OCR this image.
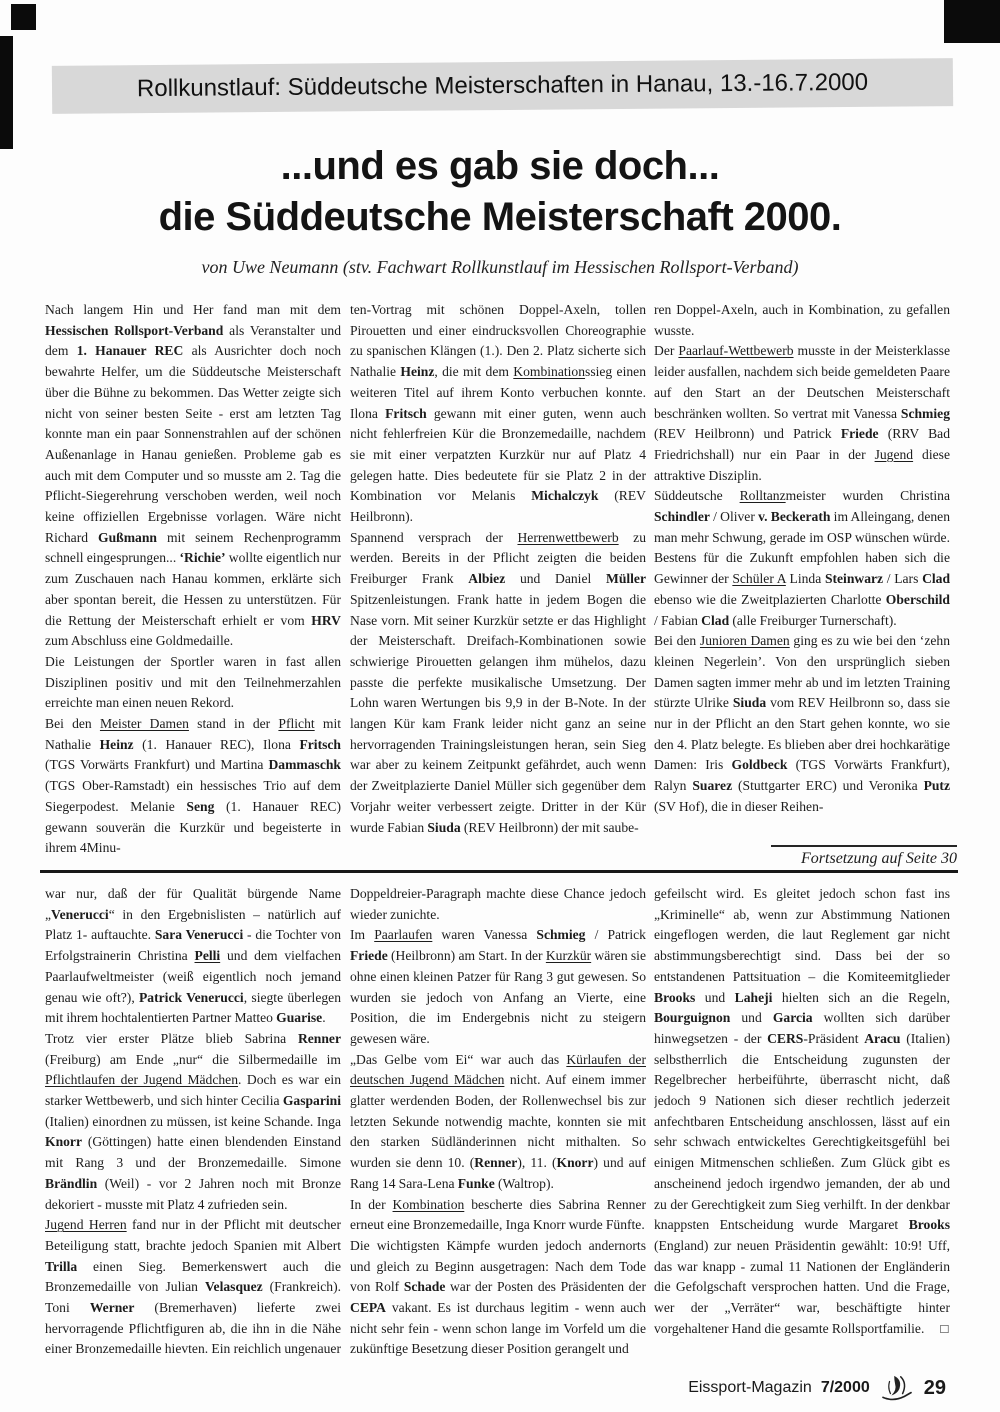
Rollkunstlauf: Süddeutsche Meisterschaften in Hanau, 13.-16.7.2000
...und es gab sie doch...
die Süddeutsche Meisterschaft 2000.
von Uwe Neumann (stv. Fachwart Rollkunstlauf im Hessischen Rollsport-Verband)

Nach langem Hin und Her fand man mit dem Hessischen Rollsport-Verband als Veranstalter und dem 1. Hanauer REC als Ausrichter doch noch bewahrte Helfer, um die Süddeutsche Meisterschaft über die Bühne zu bekommen. Das Wetter zeigte sich nicht von seiner besten Seite - erst am letzten Tag konnte man ein paar Sonnenstrahlen auf der schönen Außenanlage in Hanau genießen. Probleme gab es auch mit dem Computer und so musste am 2. Tag die Pflicht-Siegerehrung verschoben werden, weil noch keine offiziellen Ergebnisse vorlagen. Wäre nicht Richard Gußmann mit seinem Rechenprogramm schnell eingesprungen... ‘Richie’ wollte eigentlich nur zum Zuschauen nach Hanau kommen, erklärte sich aber spontan bereit, die Hessen zu unterstützen. Für die Rettung der Meisterschaft erhielt er vom HRV zum Abschluss eine Goldmedaille.

Die Leistungen der Sportler waren in fast allen Disziplinen positiv und mit den Teilnehmerzahlen erreichte man einen neuen Rekord.

Bei den Meister Damen stand in der Pflicht mit Nathalie Heinz (1. Hanauer REC), Ilona Fritsch (TGS Vorwärts Frankfurt) und Martina Dammaschk (TGS Ober-Ramstadt) ein hessisches Trio auf dem Siegerpodest. Melanie Seng (1. Hanauer REC) gewann souverän die Kurzkür und begeisterte in ihrem 4Minu-

ten-Vortrag mit schönen Doppel-Axeln, tollen Pirouetten und einer eindrucksvollen Choreographie zu spanischen Klängen (1.). Den 2. Platz sicherte sich Nathalie Heinz, die mit dem Kombinationssieg einen weiteren Titel auf ihrem Konto verbuchen konnte. Ilona Fritsch gewann mit einer guten, wenn auch nicht fehlerfreien Kür die Bronzemedaille, nachdem sie mit einer verpatzten Kurzkür nur auf Platz 4 gelegen hatte. Dies bedeutete für sie Platz 2 in der Kombination vor Melanis Michalczyk (REV Heilbronn).

Spannend versprach der Herrenwettbewerb zu werden. Bereits in der Pflicht zeigten die beiden Freiburger Frank Albiez und Daniel Müller Spitzenleistungen. Frank hatte in jedem Bogen die Nase vorn. Mit seiner Kurzkür setzte er das Highlight der Meisterschaft. Dreifach-Kombinationen sowie schwierige Pirouetten gelangen ihm mühelos, dazu passte die perfekte musikalische Umsetzung. Der Lohn waren Wertungen bis 9,9 in der B-Note. In der langen Kür kam Frank leider nicht ganz an seine hervorragenden Trainingsleistungen heran, sein Sieg war aber zu keinem Zeitpunkt gefährdet, auch wenn der Zweitplazierte Daniel Müller sich gegenüber dem Vorjahr weiter verbessert zeigte. Dritter in der Kür wurde Fabian Siuda (REV Heilbronn) der mit saube-

ren Doppel-Axeln, auch in Kombination, zu gefallen wusste.

Der Paarlauf-Wettbewerb musste in der Meisterklasse leider ausfallen, nachdem sich beide gemeldeten Paare auf den Start an der Deutschen Meisterschaft beschränken wollten. So vertrat mit Vanessa Schmieg (REV Heilbronn) und Patrick Friede (RRV Bad Friedrichshall) nur ein Paar in der Jugend diese attraktive Disziplin.

Süddeutsche Rolltanzmeister wurden Christina Schindler / Oliver v. Beckerath im Alleingang, denen man mehr Schwung, gerade im OSP wünschen würde. Bestens für die Zukunft empfohlen haben sich die Gewinner der Schüler A Linda Steinwarz / Lars Clad ebenso wie die Zweitplazierten Charlotte Oberschild / Fabian Clad (alle Freiburger Turnerschaft).

Bei den Junioren Damen ging es zu wie bei den ‘zehn kleinen Negerlein’. Von den ursprünglich sieben Damen sagten immer mehr ab und im letzten Training stürzte Ulrike Siuda vom REV Heilbronn so, dass sie nur in der Pflicht an den Start gehen konnte, wo sie den 4. Platz belegte. Es blieben aber drei hochkarätige Damen: Iris Goldbeck (TGS Vorwärts Frankfurt), Ralyn Suarez (Stuttgarter ERC) und Veronika Putz (SV Hof), die in dieser Reihen-

Fortsetzung auf Seite 30

war nur, daß der für Qualität bürgende Name „Venerucci“ in den Ergebnislisten – natürlich auf Platz 1- auftauchte. Sara Venerucci - die Tochter von Erfolgstrainerin Christina Pelli und dem vielfachen Paarlaufweltmeister (weiß eigentlich noch jemand genau wie oft?), Patrick Venerucci, siegte überlegen mit ihrem hochtalentierten Partner Matteo Guarise.

Trotz vier erster Plätze blieb Sabrina Renner (Freiburg) am Ende „nur“ die Silbermedaille im Pflichtlaufen der Jugend Mädchen. Doch es war ein starker Wettbewerb, und sich hinter Cecilia Gasparini (Italien) einordnen zu müssen, ist keine Schande. Inga Knorr (Göttingen) hatte einen blendenden Einstand mit Rang 3 und der Bronzemedaille. Simone Brändlin (Weil) - vor 2 Jahren noch mit Bronze dekoriert - musste mit Platz 4 zufrieden sein.

Jugend Herren fand nur in der Pflicht mit deutscher Beteiligung statt, brachte jedoch Spanien mit Albert Trilla einen Sieg. Bemerkenswert auch die Bronzemedaille von Julian Velasquez (Frankreich). Toni Werner (Bremerhaven) lieferte zwei hervorragende Pflichtfiguren ab, die ihn in die Nähe einer Bronzemedaille hievten. Ein reichlich ungenauer

Doppeldreier-Paragraph machte diese Chance jedoch wieder zunichte.

Im Paarlaufen waren Vanessa Schmieg / Patrick Friede (Heilbronn) am Start. In der Kurzkür wären sie ohne einen kleinen Patzer für Rang 3 gut gewesen. So wurden sie jedoch von Anfang an Vierte, eine Position, die im Endergebnis nicht zu steigern gewesen wäre.

„Das Gelbe vom Ei“ war auch das Kürlaufen der deutschen Jugend Mädchen nicht. Auf einem immer glatter werdenden Boden, der Rollenwechsel bis zur letzten Sekunde notwendig machte, konnten sie mit den starken Südländerinnen nicht mithalten. So wurden sie denn 10. (Renner), 11. (Knorr) und auf Rang 14 Sara-Lena Funke (Waltrop).

In der Kombination bescherte dies Sabrina Renner erneut eine Bronzemedaille, Inga Knorr wurde Fünfte.

Die wichtigsten Kämpfe wurden jedoch andernorts und gleich zu Beginn ausgetragen: Nach dem Tode von Rolf Schade war der Posten des Präsidenten der CEPA vakant. Es ist durchaus legitim - wenn auch nicht sehr fein - wenn schon lange im Vorfeld um die zukünftige Besetzung dieser Position gerangelt und

gefeilscht wird. Es gleitet jedoch schon fast ins „Kriminelle“ ab, wenn zur Abstimmung Nationen eingeflogen werden, die laut Reglement gar nicht abstimmungsberechtigt sind. Dass bei der so entstandenen Pattsituation – die Komiteemitglieder Brooks und Laheji hielten sich an die Regeln, Bourguignon und Garcia wollten sich darüber hinwegsetzen - der CERS-Präsident Aracu (Italien) selbstherrlich die Entscheidung zugunsten der Regelbrecher herbeiführte, überrascht nicht, daß jedoch 9 Nationen sich dieser rechtlich jederzeit anfechtbaren Entscheidung anschlossen, lässt auf ein sehr schwach entwickeltes Gerechtigkeitsgefühl bei einigen Mitmenschen schließen. Zum Glück gibt es anscheinend jedoch irgendwo jemanden, der ab und zu der Gerechtigkeit zum Sieg verhilft. In der denkbar knappsten Entscheidung wurde Margaret Brooks (England) zur neuen Präsidentin gewählt: 10:9! Uff, das war knapp - zumal 11 Nationen der Engländerin die Gefolgschaft versprochen hatten. Und die Frage, wer der „Verräter“ war, beschäftigte hinter vorgehaltener Hand die gesamte Rollsportfamilie. □

Eissport-Magazin 7/2000	29
